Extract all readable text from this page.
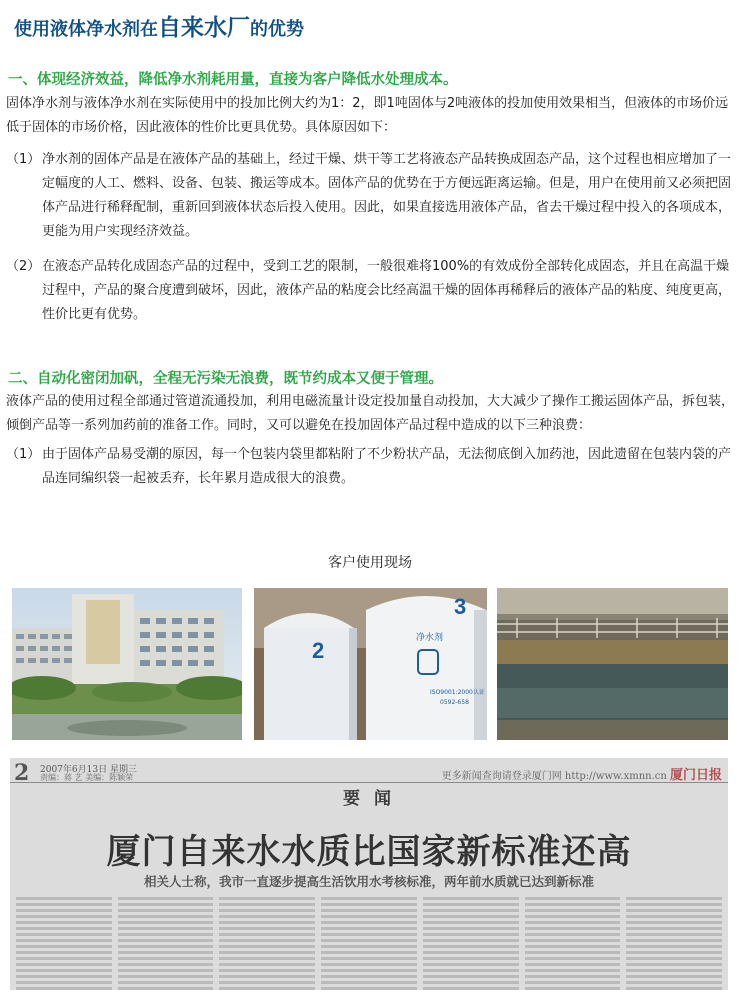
使用液体净水剂在自来水厂的优势
一、体现经济效益，降低净水剂耗用量，直接为客户降低水处理成本。
固体净水剂与液体净水剂在实际使用中的投加比例大约为1：2，即1吨固体与2吨液体的投加使用效果相当，但液体的市场价远低于固体的市场价格，因此液体的性价比更具优势。具体原因如下：
（1） 净水剂的固体产品是在液体产品的基础上，经过干燥、烘干等工艺将液态产品转换成固态产品，这个过程也相应增加了一定幅度的人工、燃料、设备、包装、搬运等成本。固体产品的优势在于方便远距离运输。但是，用户在使用前又必须把固体产品进行稀释配制，重新回到液体状态后投入使用。因此，如果直接选用液体产品，省去干燥过程中投入的各项成本，更能为用户实现经济效益。
（2） 在液态产品转化成固态产品的过程中，受到工艺的限制，一般很难将100%的有效成份全部转化成固态，并且在高温干燥过程中，产品的聚合度遭到破坏，因此，液体产品的粘度会比经高温干燥的固体再稀释后的液体产品的粘度、纯度更高，性价比更有优势。
二、自动化密闭加矾，全程无污染无浪费，既节约成本又便于管理。
液体产品的使用过程全部通过管道流通投加，利用电磁流量计设定投加量自动投加，大大减少了操作工搬运固体产品，拆包装，倾倒产品等一系列加药前的准备工作。同时，又可以避免在投加固体产品过程中造成的以下三种浪费：
（1） 由于固体产品易受潮的原因，每一个包装内袋里都粘附了不少粉状产品，无法彻底倒入加药池，因此遗留在包装内袋的产品连同编织袋一起被丢弃，长年累月造成很大的浪费。
客户使用现场
2
3
净水剂
ISO9001:2000认证
0592-658
2 2007年6月13日 星期三
责编：蒋 艺 美编：陈颖荣	更多新闻查询请登录厦门网 http://www.xmnn.cn 厦门日报
要 闻
厦门自来水水质比国家新标准还高
相关人士称，我市一直逐步提高生活饮用水考核标准，两年前水质就已达到新标准
